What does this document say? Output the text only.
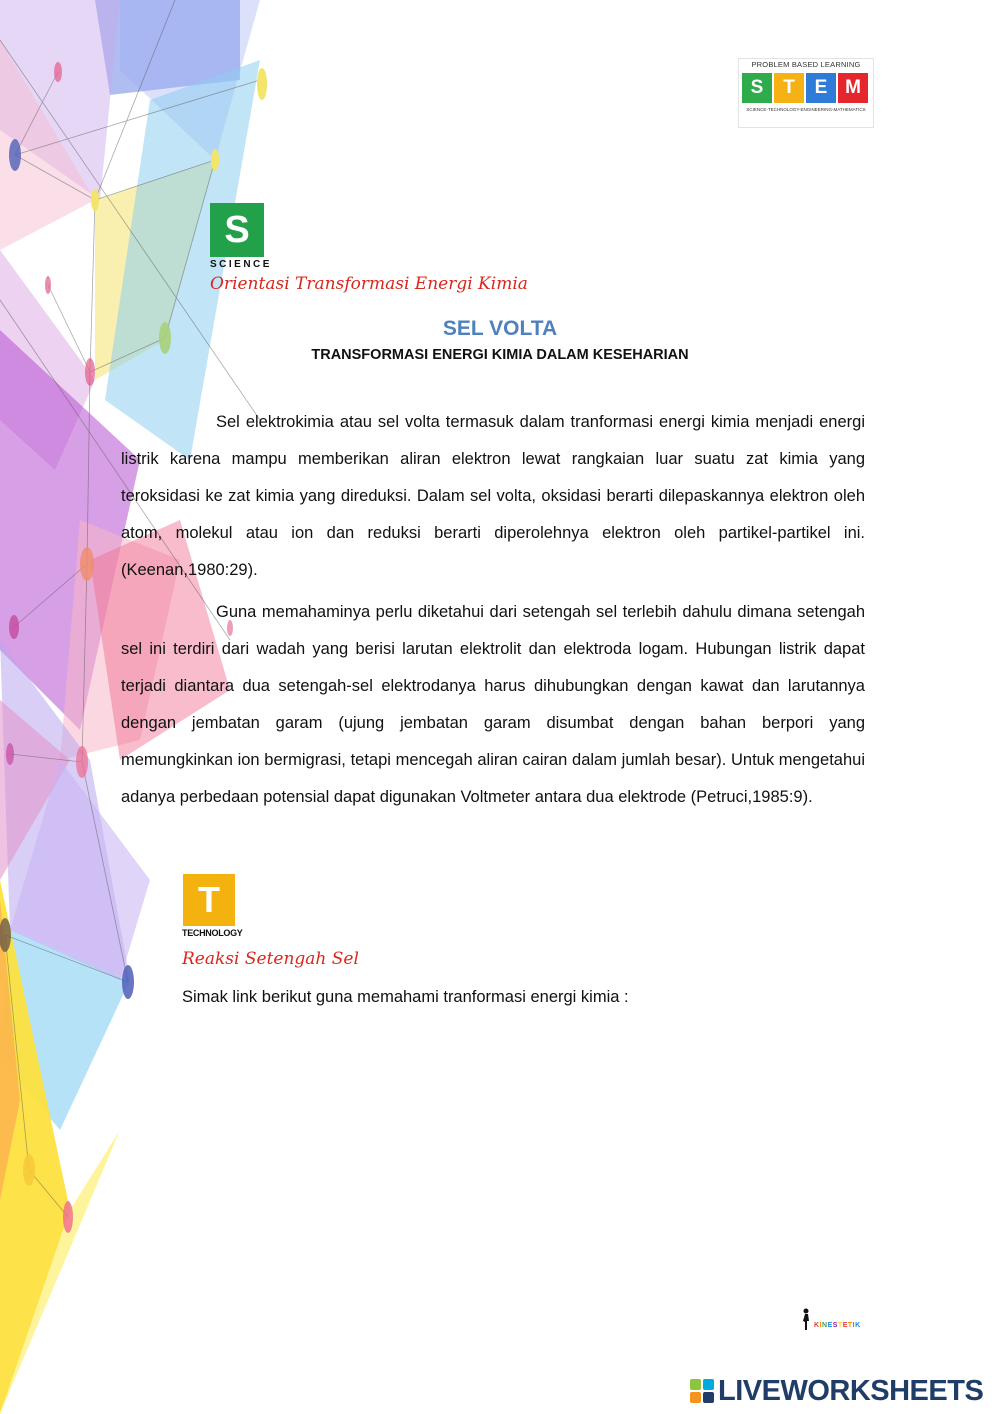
PROBLEM BASED LEARNING
S	T	E M
SCIENCE-TECHNOLOGY-ENGINEERING-MATHEMATICS
S
SCIENCE
Orientasi Transformasi Energi Kimia
SEL VOLTA
TRANSFORMASI ENERGI KIMIA DALAM KESEHARIAN

Sel elektrokimia atau sel volta termasuk dalam tranformasi energi kimia menjadi energi listrik karena mampu memberikan aliran elektron lewat rangkaian luar suatu zat kimia yang teroksidasi ke zat kimia yang direduksi. Dalam sel volta, oksidasi berarti dilepaskannya elektron oleh atom, molekul atau ion dan reduksi berarti diperolehnya elektron oleh partikel-partikel ini. (Keenan,1980:29).

Guna memahaminya perlu diketahui dari setengah sel terlebih dahulu dimana setengah sel ini terdiri dari wadah yang berisi larutan elektrolit dan elektroda logam. Hubungan listrik dapat terjadi diantara dua setengah-sel elektrodanya harus dihubungkan dengan kawat dan larutannya dengan jembatan garam (ujung jembatan garam disumbat dengan bahan berpori yang memungkinkan ion bermigrasi, tetapi mencegah aliran cairan dalam jumlah besar). Untuk mengetahui adanya perbedaan potensial dapat digunakan Voltmeter antara dua elektrode (Petruci,1985:9).

T
TECHNOLOGY
Reaksi Setengah Sel
Simak link berikut guna memahami tranformasi energi kimia :
KINESTETIK
LIVEWORKSHEETS
